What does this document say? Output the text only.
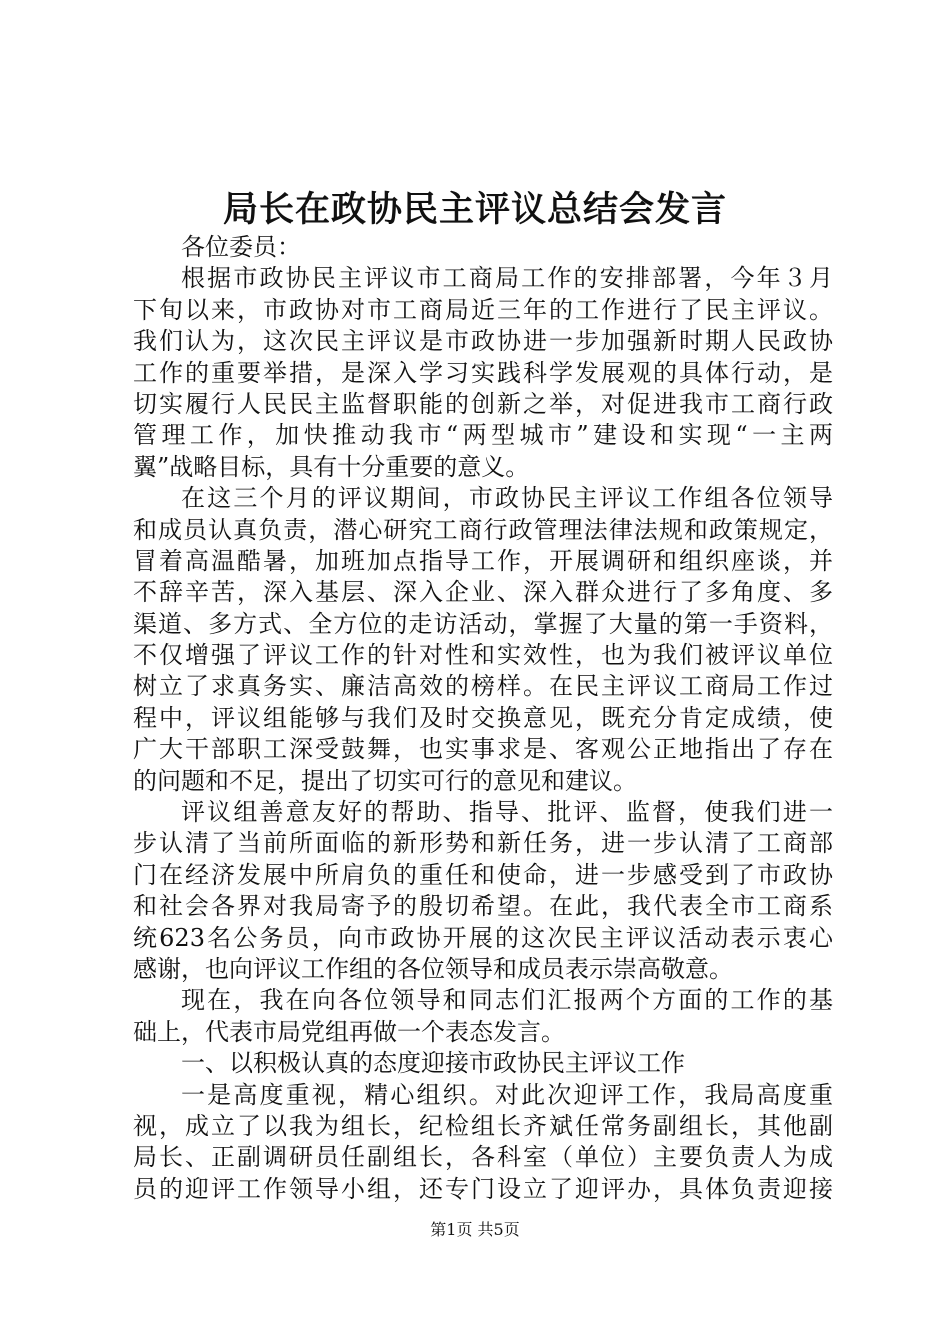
局长在政协民主评议总结会发言
各位委员：
根据市政协民主评议市工商局工作的安排部署，今年３月
下旬以来，市政协对市工商局近三年的工作进行了民主评议。
我们认为，这次民主评议是市政协进一步加强新时期人民政协
工作的重要举措，是深入学习实践科学发展观的具体行动，是
切实履行人民民主监督职能的创新之举，对促进我市工商行政
管理工作，加快推动我市“两型城市”建设和实现“一主两
翼”战略目标，具有十分重要的意义。
在这三个月的评议期间，市政协民主评议工作组各位领导
和成员认真负责，潜心研究工商行政管理法律法规和政策规定，
冒着高温酷暑，加班加点指导工作，开展调研和组织座谈，并
不辞辛苦，深入基层、深入企业、深入群众进行了多角度、多
渠道、多方式、全方位的走访活动，掌握了大量的第一手资料，
不仅增强了评议工作的针对性和实效性，也为我们被评议单位
树立了求真务实、廉洁高效的榜样。在民主评议工商局工作过
程中，评议组能够与我们及时交换意见，既充分肯定成绩，使
广大干部职工深受鼓舞，也实事求是、客观公正地指出了存在
的问题和不足，提出了切实可行的意见和建议。
评议组善意友好的帮助、指导、批评、监督，使我们进一
步认清了当前所面临的新形势和新任务，进一步认清了工商部
门在经济发展中所肩负的重任和使命，进一步感受到了市政协
和社会各界对我局寄予的殷切希望。在此，我代表全市工商系
统623名公务员，向市政协开展的这次民主评议活动表示衷心
感谢，也向评议工作组的各位领导和成员表示崇高敬意。
现在，我在向各位领导和同志们汇报两个方面的工作的基
础上，代表市局党组再做一个表态发言。
一、以积极认真的态度迎接市政协民主评议工作
一是高度重视，精心组织。对此次迎评工作，我局高度重
视，成立了以我为组长，纪检组长齐斌任常务副组长，其他副
局长、正副调研员任副组长，各科室（单位）主要负责人为成
员的迎评工作领导小组，还专门设立了迎评办，具体负责迎接
第1页 共5页
